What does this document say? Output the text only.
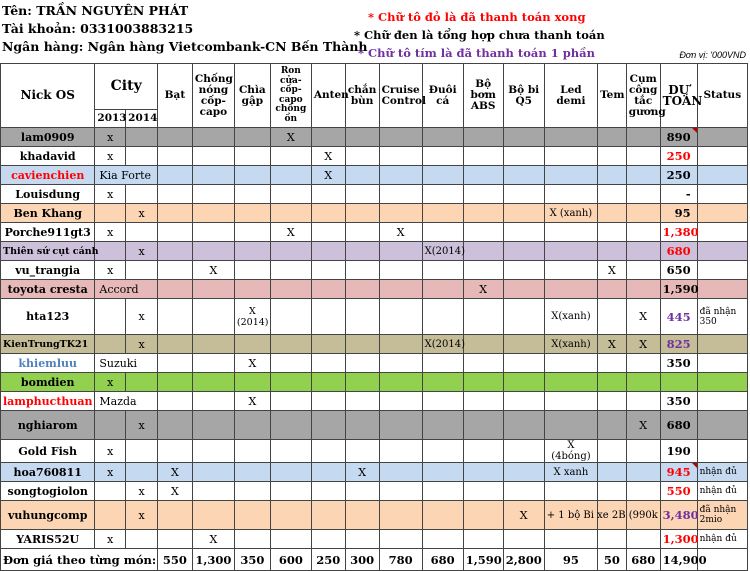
Tên: TRẦN NGUYÊN PHÁT
Tài khoản: 0331003883215
Ngân hàng: Ngân hàng Vietcombank-CN Bến Thành
* Chữ tô đỏ là đã thanh toán xong
* Chữ đen là tổng hợp chưa thanh toán
* Chữ tô tím là đã thanh toán 1 phần	Đơn vị: '000VND
Nick OS	City		Bạt	Chống nóng cốp-capo	Chìa gập	Ron cửa-cốp-capo chống ồn	Anten	chắn bùn	Cruise Control	Đuôi cá	Bộ bơm ABS	Bộ bi Q5	Led demi	Tem	Cụm công tắc gương	DỰ TOÁN	Status
	2013	2014															
lam0909	x					X										890	
khadavid	x						X									250	
cavienchien	Kia Forte						X									250	
Louisdung	x															-	
Ben Khang		x											X (xanh)			95	
Porche911gt3	x					X			X							1,380	
Thiên sứ cụt cánh		x								X(2014)						680	
vu_trangia	x			X										X		650	
toyota cresta	Accord										X					1,590	
hta123		x			X (2014)								X(xanh)		X	445	đã nhận 350
KienTrungTK21		x								X(2014)			X(xanh)	X	X	825	
khiemluu	Suzuki				X											350	
bomdien	x																
lamphucthuan	Mazda				X											350	
nghiarom		x													X	680	
Gold Fish	x												X (4bóng)			190	
hoa760811	x		X					X					X xanh			945	nhận đủ
songtogiolon		x	X													550	nhận đủ
vuhungcomp		x										X	+ 1 bộ Bi xe 2B (990k			3,480	đã nhận 2mio
YARIS52U	x			X												1,300	nhận đủ
Đơn giá theo từng món:			550	1,300	350	600	250	300	780	680	1,590	2,800	95	50	680	14,900	
